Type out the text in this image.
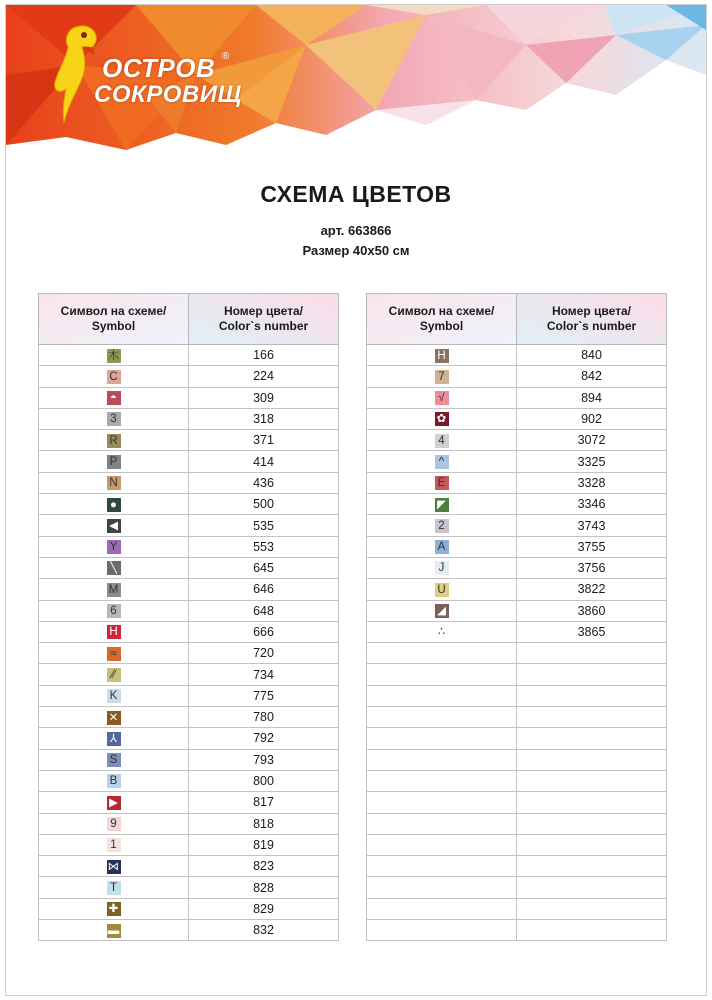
ОСТРОВ
СОКРОВИЩ
®
СХЕМА ЦВЕТОВ
арт. 663866
Размер 40х50 см
Символ на схеме/
Symbol	Номер цвета/
Color`s number
木	166
C	224
◓	309
3	318
R	371
P	414
N	436
●	500
◀	535
Y	553
╲	645
M	646
6	648
H	666
≈	720
⁄⁄	734
K	775
✕	780
⅄	792
S	793
B	800
▶	817
9	818
1	819
⋈	823
T	828
✚	829
▬	832
Символ на схеме/
Symbol	Номер цвета/
Color`s number
H	840
7	842
√	894
✿	902
4	3072
^	3325
E	3328
◤	3346
2	3743
A	3755
J	3756
U	3822
◢	3860
∴	3865
